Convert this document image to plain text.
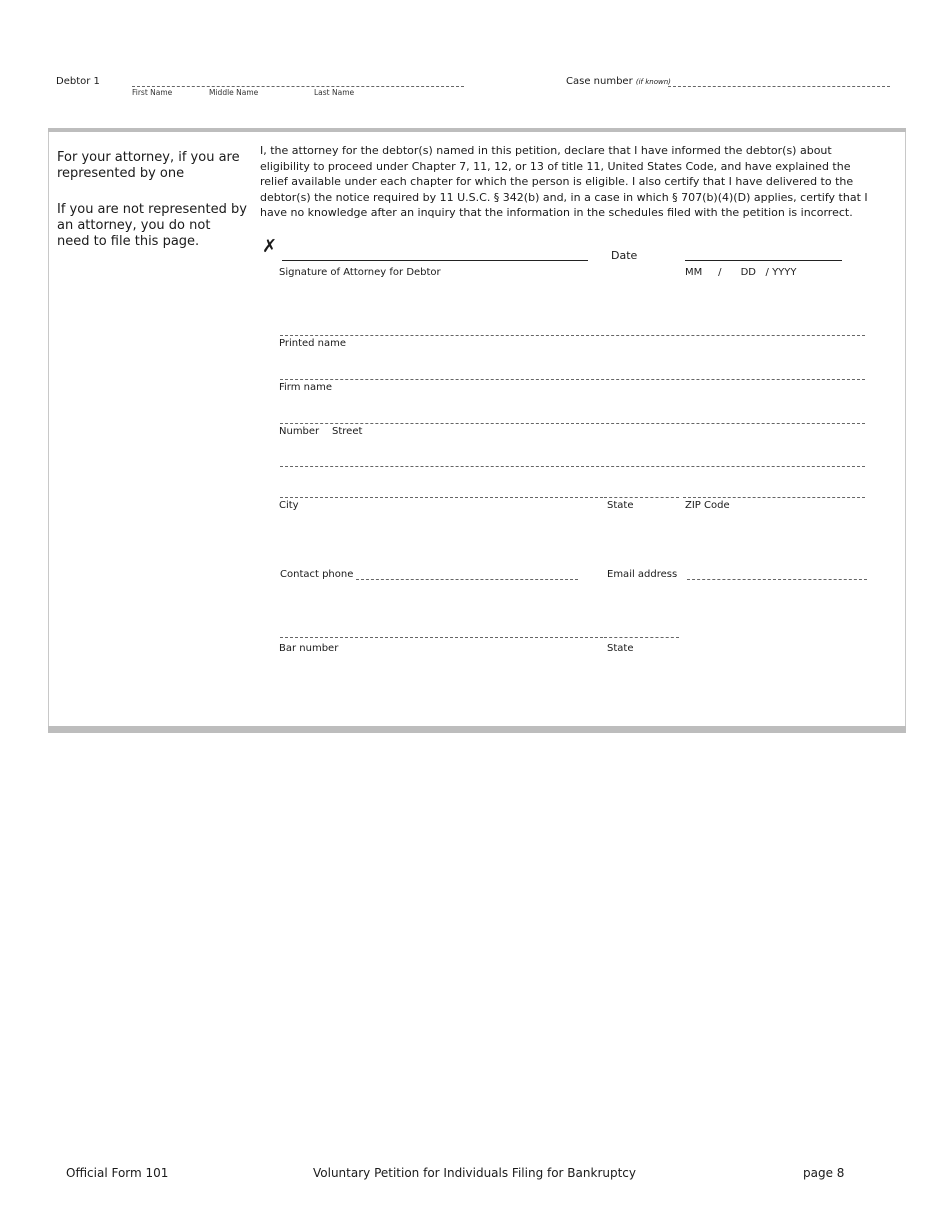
Debtor 1
First Name	Middle Name	Last Name
Case number (if known)
For your attorney, if you are represented by one
If you are not represented by an attorney, you do not need to file this page.
I, the attorney for the debtor(s) named in this petition, declare that I have informed the debtor(s) about eligibility to proceed under Chapter 7, 11, 12, or 13 of title 11, United States Code, and have explained the relief available under each chapter for which the person is eligible. I also certify that I have delivered to the debtor(s) the notice required by 11 U.S.C. § 342(b) and, in a case in which § 707(b)(4)(D) applies, certify that I have no knowledge after an inquiry that the information in the schedules filed with the petition is incorrect.
✗
Signature of Attorney for Debtor
Date
MM     /      DD   / YYYY
Printed name
Firm name
Number Street
City	State	ZIP Code
Contact phone	Email address
Bar number	State
Official Form 101	Voluntary Petition for Individuals Filing for Bankruptcy	page 8
